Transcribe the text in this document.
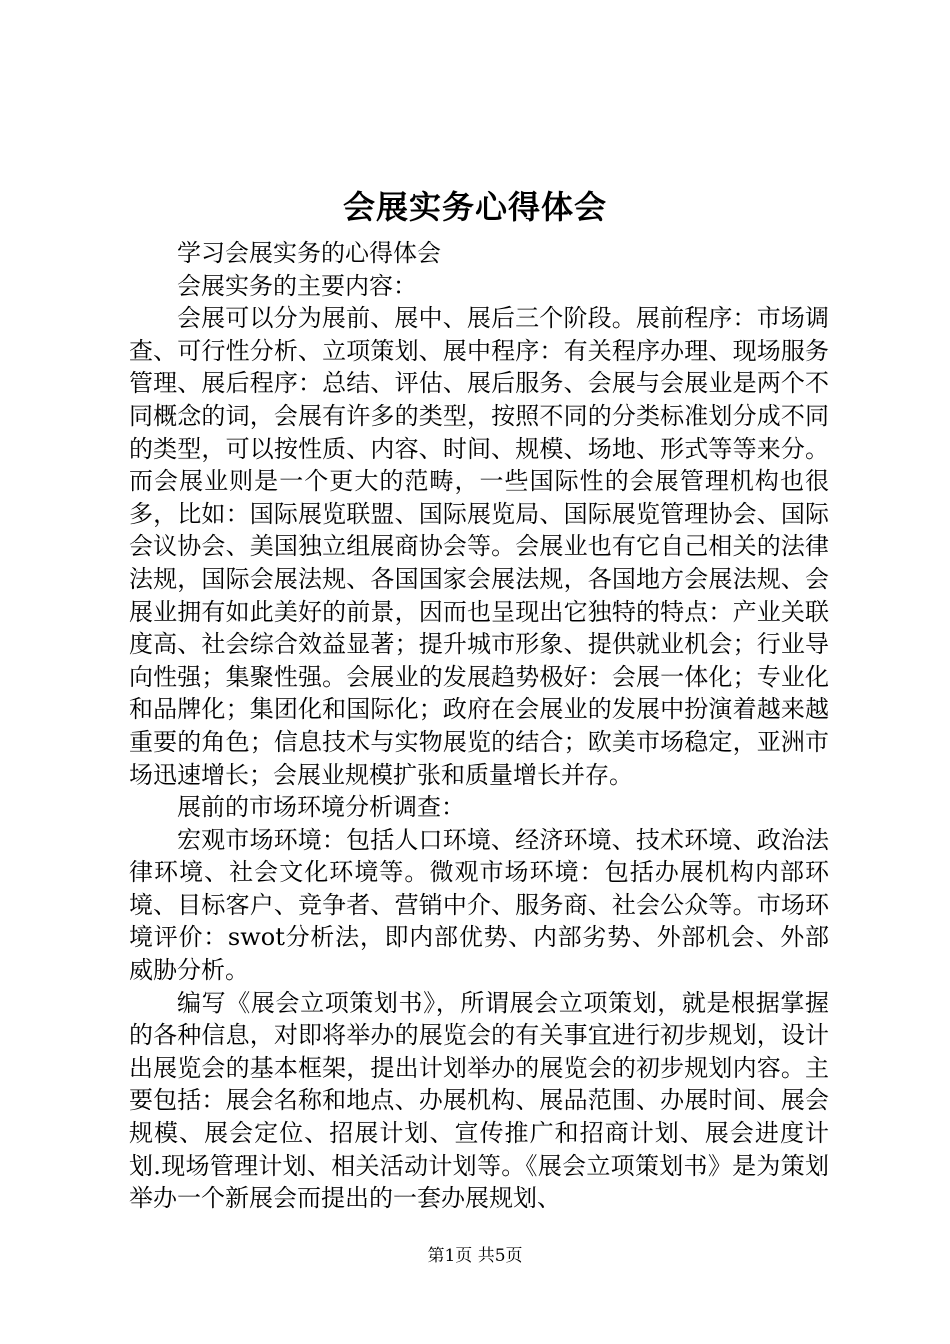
会展实务心得体会

学习会展实务的心得体会

会展实务的主要内容：

会展可以分为展前、展中、展后三个阶段。展前程序：市场调查、可行性分析、立项策划、展中程序：有关程序办理、现场服务管理、展后程序：总结、评估、展后服务、会展与会展业是两个不同概念的词，会展有许多的类型，按照不同的分类标准划分成不同的类型，可以按性质、内容、时间、规模、场地、形式等等来分。而会展业则是一个更大的范畴，一些国际性的会展管理机构也很多，比如：国际展览联盟、国际展览局、国际展览管理协会、国际会议协会、美国独立组展商协会等。会展业也有它自己相关的法律法规，国际会展法规、各国国家会展法规，各国地方会展法规、会展业拥有如此美好的前景，因而也呈现出它独特的特点：产业关联度高、社会综合效益显著；提升城市形象、提供就业机会；行业导向性强；集聚性强。会展业的发展趋势极好：会展一体化；专业化和品牌化；集团化和国际化；政府在会展业的发展中扮演着越来越重要的角色；信息技术与实物展览的结合；欧美市场稳定，亚洲市场迅速增长；会展业规模扩张和质量增长并存。

展前的市场环境分析调查：

宏观市场环境：包括人口环境、经济环境、技术环境、政治法律环境、社会文化环境等。微观市场环境：包括办展机构内部环境、目标客户、竞争者、营销中介、服务商、社会公众等。市场环境评价：swot分析法，即内部优势、内部劣势、外部机会、外部威胁分析。

编写《展会立项策划书》，所谓展会立项策划，就是根据掌握的各种信息，对即将举办的展览会的有关事宜进行初步规划，设计出展览会的基本框架，提出计划举办的展览会的初步规划内容。主要包括：展会名称和地点、办展机构、展品范围、办展时间、展会规模、展会定位、招展计划、宣传推广和招商计划、展会进度计划.现场管理计划、相关活动计划等。《展会立项策划书》是为策划举办一个新展会而提出的一套办展规划、

第1页 共5页
